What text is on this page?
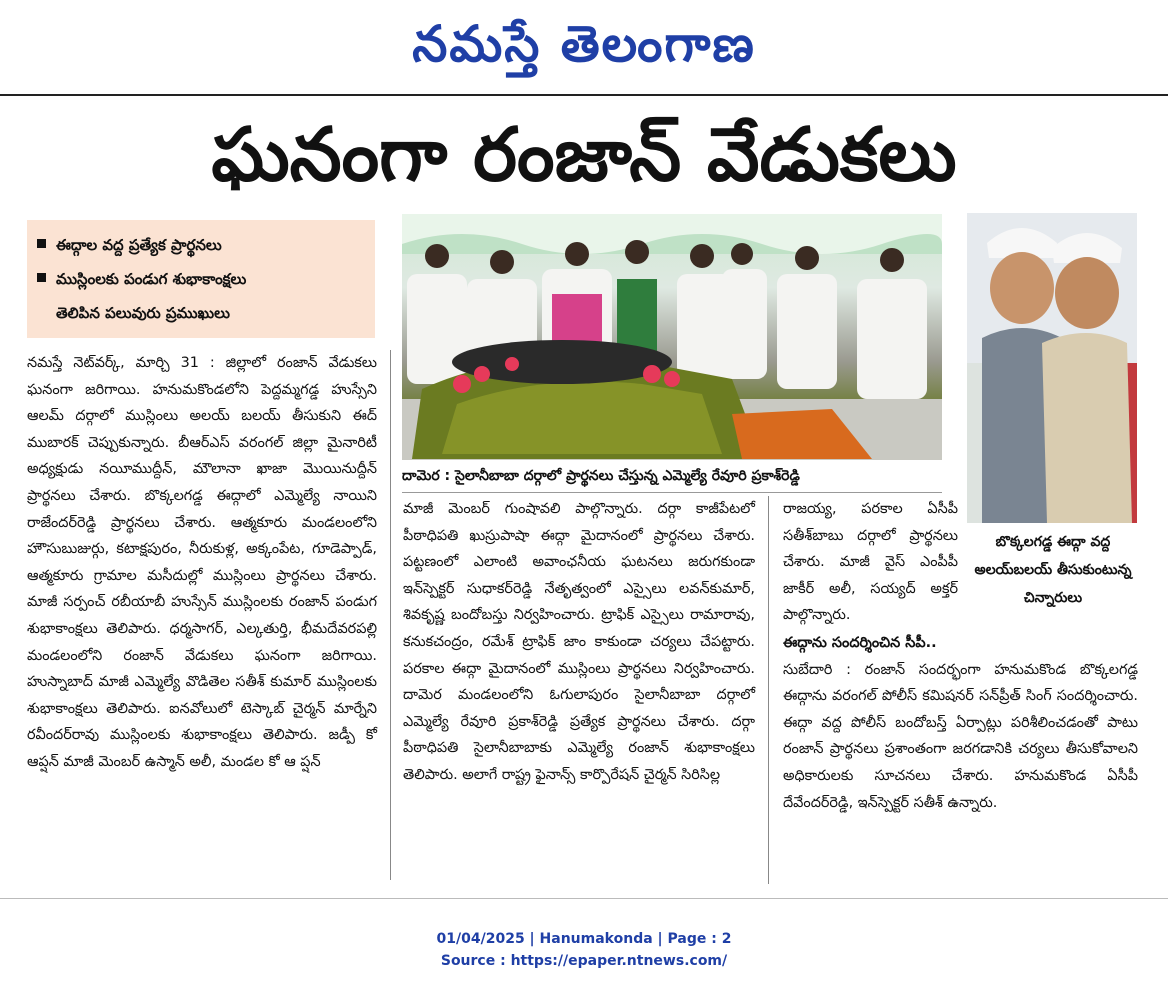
నమస్తే తెలంగాణ
ఘనంగా రంజాన్ వేడుకలు
ఈద్గాల వద్ద ప్రత్యేక ప్రార్థనలు
ముస్లింలకు పండుగ శుభాకాంక్షలు
తెలిపిన పలువురు ప్రముఖులు
నమస్తే నెట్‌వర్క్, మార్చి 31 : జిల్లాలో రంజాన్ వేడుకలు ఘనంగా జరిగాయి. హనుమకొండలోని పెద్దమ్మగడ్డ హుస్సేని ఆలమ్ దర్గాలో ముస్లింలు అలయ్ బలయ్ తీసుకుని ఈద్ ముబారక్ చెప్పుకున్నారు. బీఆర్‌ఎస్ వరంగల్ జిల్లా మైనారిటీ అధ్యక్షుడు నయీముద్దీన్, మౌలానా ఖాజా మొయినుద్దీన్ ప్రార్థనలు చేశారు. బొక్కలగడ్డ ఈద్గాలో ఎమ్మెల్యే నాయిని రాజేందర్‌రెడ్డి ప్రార్థనలు చేశారు. ఆత్మకూరు మండలంలోని హౌసుబుజుర్గు, కటాక్షపురం, నీరుకుళ్ల, అక్కంపేట, గూడెప్పాడ్, ఆత్మకూరు గ్రామాల మసీదుల్లో ముస్లింలు ప్రార్థనలు చేశారు. మాజీ సర్పంచ్ రబీయాబీ హుస్సేన్ ముస్లింలకు రంజాన్ పండుగ శుభాకాంక్షలు తెలిపారు. ధర్మసాగర్, ఎల్కతుర్తి, భీమదేవరపల్లి మండలంలోని రంజాన్ వేడుకలు ఘనంగా జరిగాయి. హుస్నాబాద్ మాజీ ఎమ్మెల్యే వొడితెల సతీశ్ కుమార్ ముస్లింలకు శుభాకాంక్షలు తెలిపారు. ఐనవోలులో టెస్కాబ్ చైర్మన్ మార్నేని రవీందర్‌రావు ముస్లింలకు శుభాకాంక్షలు తెలిపారు. జడ్పీ కో ఆప్షన్ మాజీ మెంబర్ ఉస్మాన్ అలీ, మండల కో ఆ ప్షన్
దామెర : సైలానీబాబా దర్గాలో ప్రార్థనలు చేస్తున్న ఎమ్మెల్యే రేవూరి ప్రకాశ్‌రెడ్డి
బొక్కలగడ్డ ఈద్గా వద్ద అలయ్‌బలయ్ తీసుకుంటున్న చిన్నారులు
మాజీ మెంబర్ గుంషావలి పాల్గొన్నారు. దర్గా కాజీపేటలో పీఠాధిపతి ఖుస్రుపాషా ఈద్గా మైదానంలో ప్రార్థనలు చేశారు. పట్టణంలో ఎలాంటి అవాంఛనీయ ఘటనలు జరుగకుండా ఇన్‌స్పెక్టర్ సుధాకర్‌రెడ్డి నేతృత్వంలో ఎస్సైలు లవన్‌కుమార్, శివకృష్ణ బందోబస్తు నిర్వహించారు. ట్రాఫిక్ ఎస్సైలు రామారావు, కనుకచంద్రం, రమేశ్ ట్రాఫిక్ జాం కాకుండా చర్యలు చేపట్టారు. పరకాల ఈద్గా మైదానంలో ముస్లింలు ప్రార్థనలు నిర్వహించారు. దామెర మండలంలోని ఓగులాపురం సైలానీబాబా దర్గాలో ఎమ్మెల్యే రేవూరి ప్రకాశ్‌రెడ్డి ప్రత్యేక ప్రార్థనలు చేశారు. దర్గా పీఠాధిపతి సైలానీబాబాకు ఎమ్మెల్యే రంజాన్ శుభాకాంక్షలు తెలిపారు. అలాగే రాష్ట్ర ఫైనాన్స్ కార్పొరేషన్ చైర్మన్ సిరిసిల్ల
రాజయ్య, పరకాల ఏసీపీ సతీశ్‌బాబు దర్గాలో ప్రార్థనలు చేశారు. మాజీ వైస్ ఎంపీపీ జాకీర్ అలీ, సయ్యద్ అక్తర్ పాల్గొన్నారు.
ఈద్గాను సందర్శించిన సీపీ..
సుబేదారి : రంజాన్ సందర్భంగా హనుమకొండ బొక్కలగడ్డ ఈద్గాను వరంగల్ పోలీస్ కమిషనర్ సన్‌ప్రీత్ సింగ్ సందర్శించారు. ఈద్గా వద్ద పోలీస్ బందోబస్త్ ఏర్పాట్లు పరిశీలించడంతో పాటు రంజాన్ ప్రార్థనలు ప్రశాంతంగా జరగడానికి చర్యలు తీసుకోవాలని అధికారులకు సూచనలు చేశారు. హనుమకొండ ఏసీపీ దేవేందర్‌రెడ్డి, ఇన్‌స్పెక్టర్ సతీశ్ ఉన్నారు.
01/04/2025 | Hanumakonda | Page : 2
Source : https://epaper.ntnews.com/
